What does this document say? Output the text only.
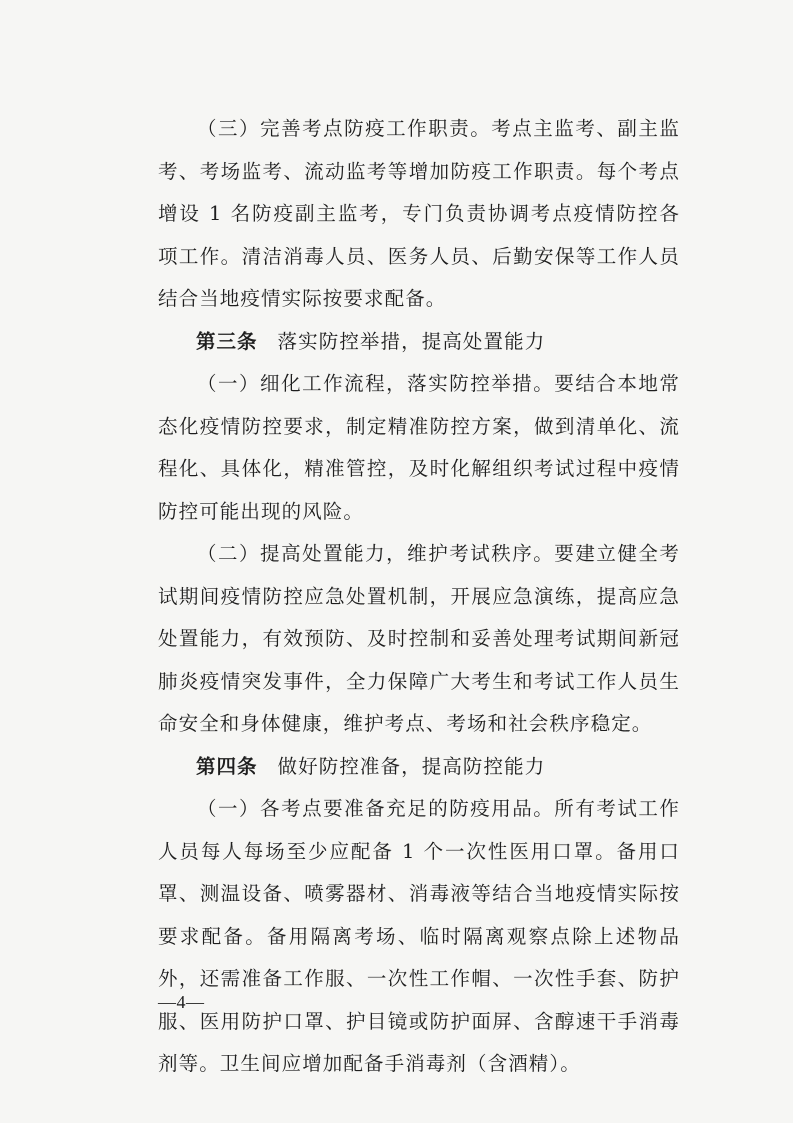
（三）完善考点防疫工作职责。考点主监考、副主监考、考场监考、流动监考等增加防疫工作职责。每个考点增设 1 名防疫副主监考，专门负责协调考点疫情防控各项工作。清洁消毒人员、医务人员、后勤安保等工作人员结合当地疫情实际按要求配备。

第三条 落实防控举措，提高处置能力

（一）细化工作流程，落实防控举措。要结合本地常态化疫情防控要求，制定精准防控方案，做到清单化、流程化、具体化，精准管控，及时化解组织考试过程中疫情防控可能出现的风险。

（二）提高处置能力，维护考试秩序。要建立健全考试期间疫情防控应急处置机制，开展应急演练，提高应急处置能力，有效预防、及时控制和妥善处理考试期间新冠肺炎疫情突发事件，全力保障广大考生和考试工作人员生命安全和身体健康，维护考点、考场和社会秩序稳定。

第四条 做好防控准备，提高防控能力

（一）各考点要准备充足的防疫用品。所有考试工作人员每人每场至少应配备 1 个一次性医用口罩。备用口罩、测温设备、喷雾器材、消毒液等结合当地疫情实际按要求配备。备用隔离考场、临时隔离观察点除上述物品外，还需准备工作服、一次性工作帽、一次性手套、防护服、医用防护口罩、护目镜或防护面屏、含醇速干手消毒剂等。卫生间应增加配备手消毒剂（含酒精）。

—4—
